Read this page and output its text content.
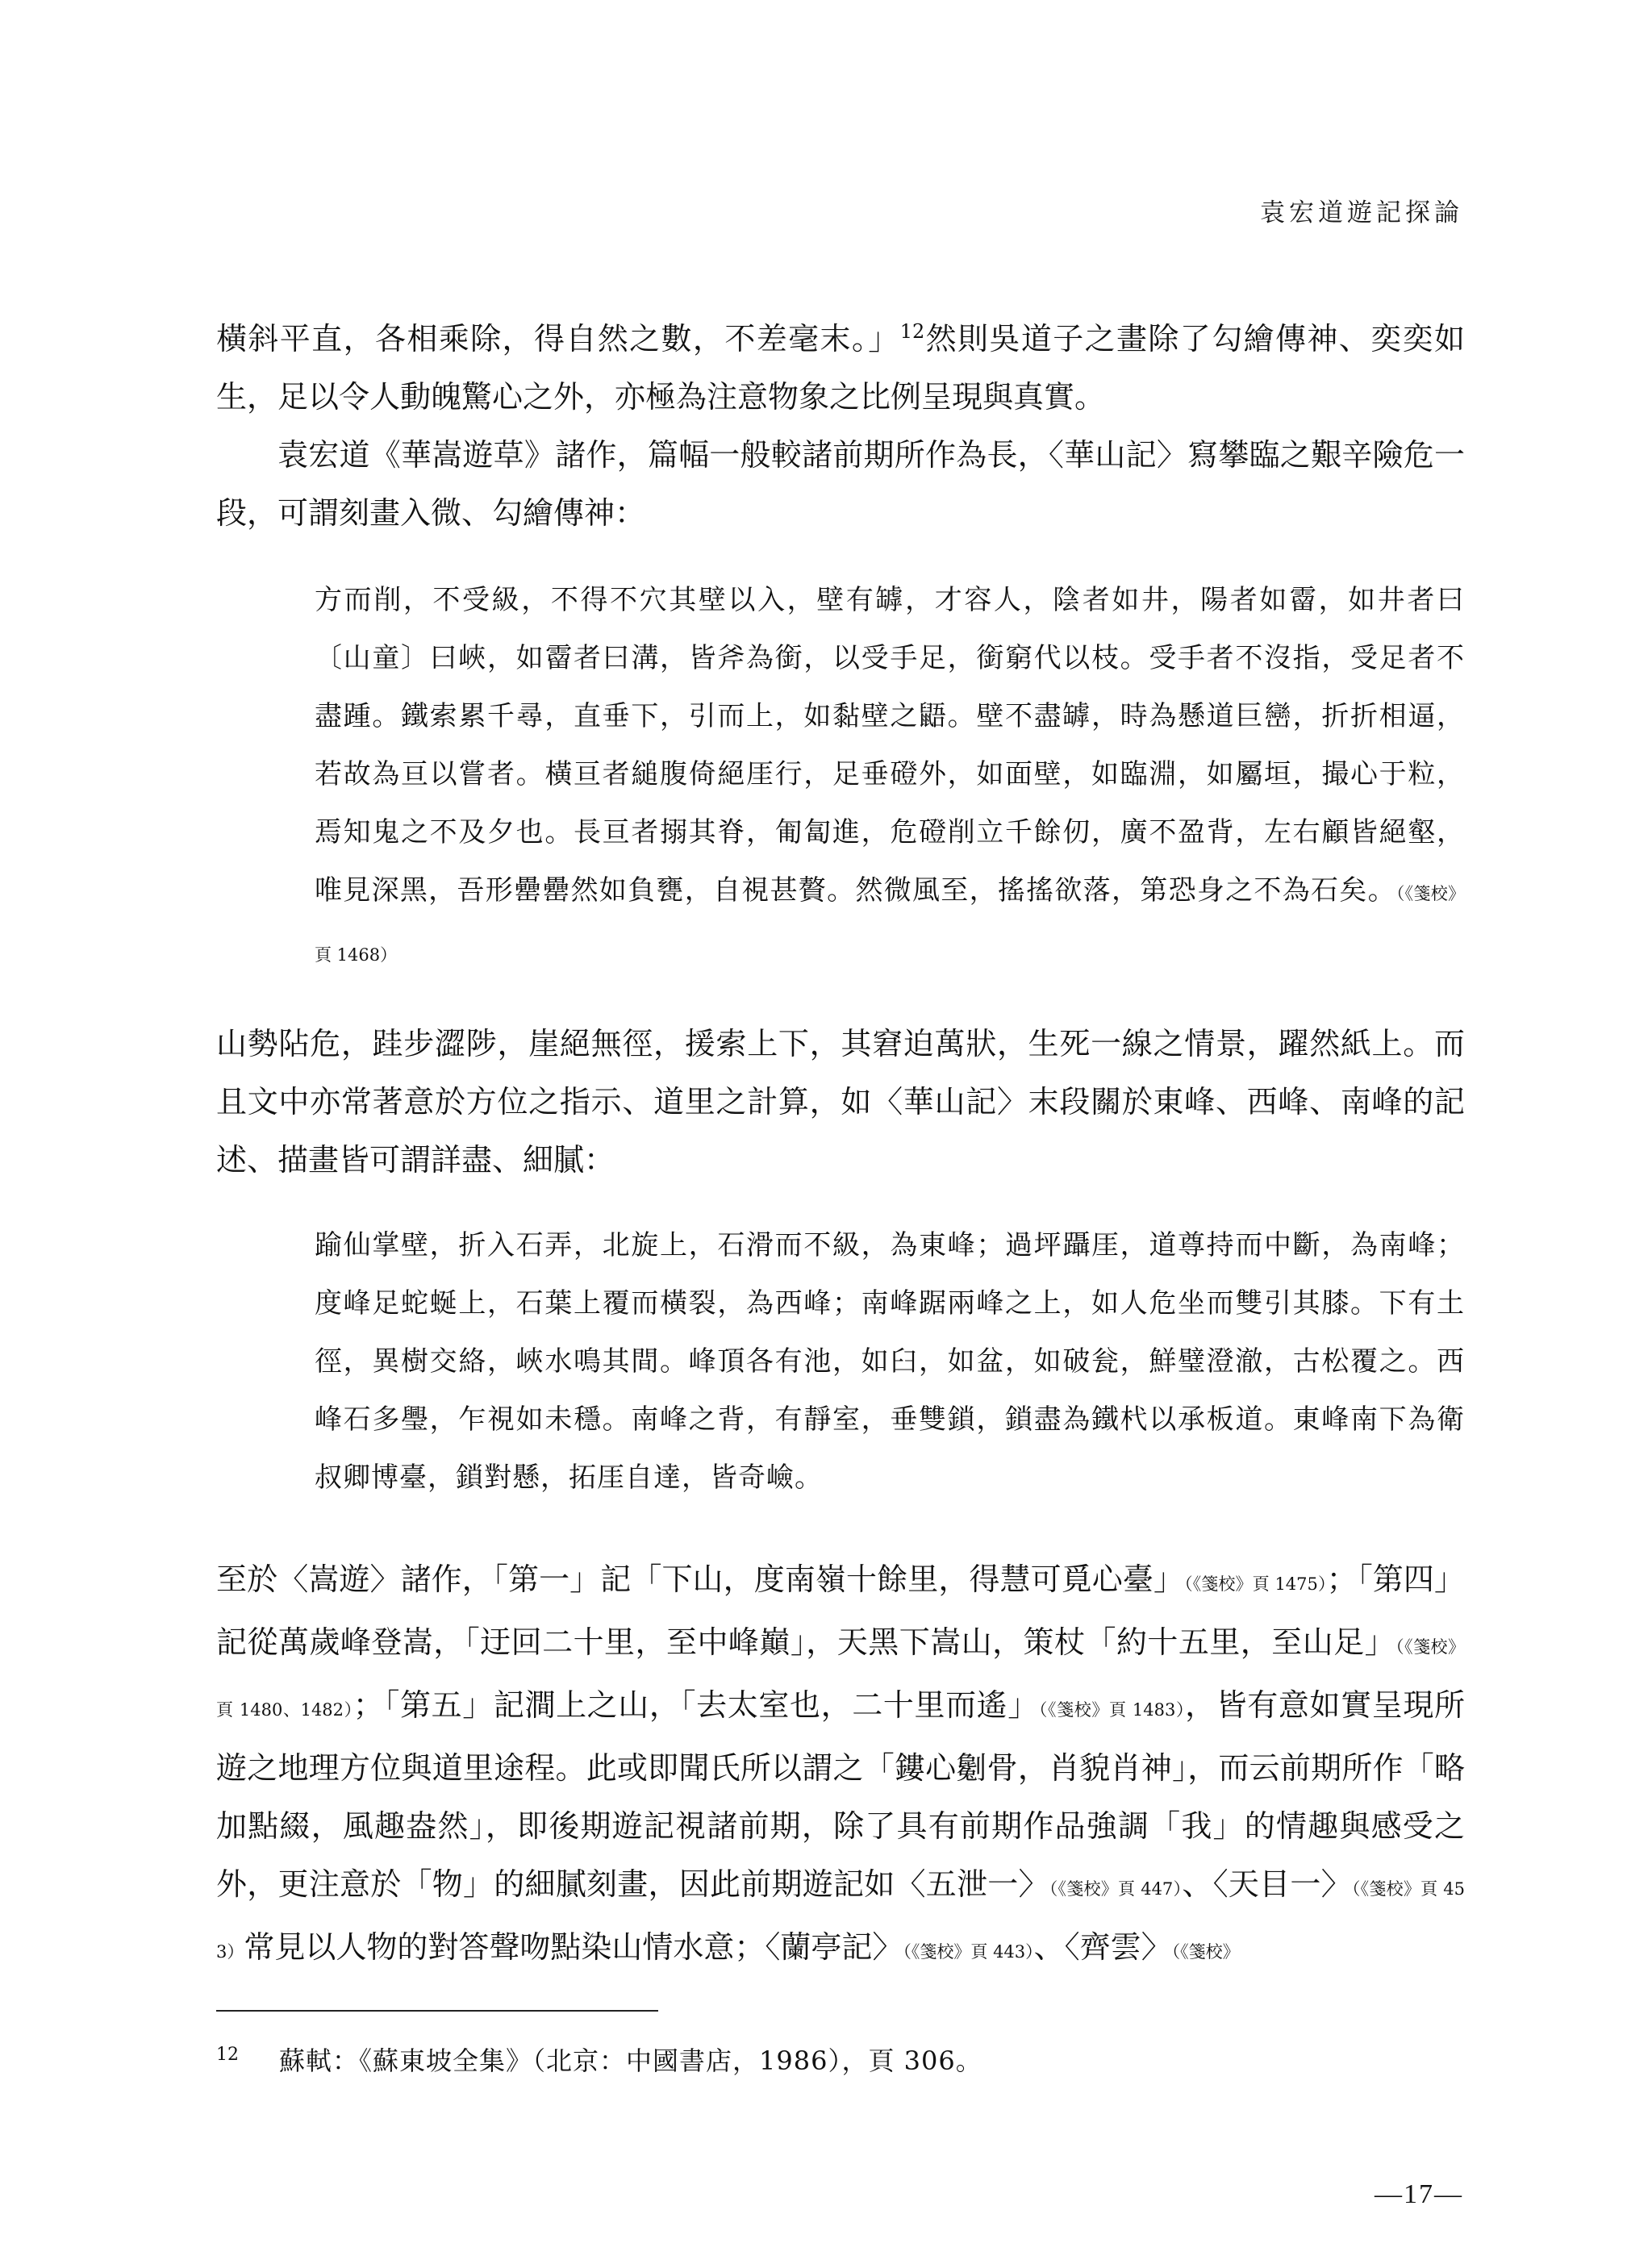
袁宏道遊記探論

橫斜平直，各相乘除，得自然之數，不差毫末。」$^{12}$然則吳道子之畫除了勾繪傳神、奕奕如生，足以令人動魄驚心之外，亦極為注意物象之比例呈現與真實。

袁宏道《華嵩遊草》諸作，篇幅一般較諸前期所作為長，〈華山記〉寫攀臨之艱辛險危一段，可謂刻畫入微、勾繪傳神：

方而削，不受級，不得不穴其壁以入，壁有罅，才容人，陰者如井，陽者如霤，如井者曰〔山童〕曰峽，如霤者曰溝，皆斧為銜，以受手足，銜窮代以枝。受手者不沒指，受足者不盡踵。鐵索累千尋，直垂下，引而上，如黏壁之鼯。壁不盡罅，時為懸道巨巒，折折相逼，若故為亘以嘗者。橫亘者縋腹倚絕厓行，足垂磴外，如面壁，如臨淵，如屬垣，撮心于粒，焉知鬼之不及夕也。長亘者搦其脊，匍匐進，危磴削立千餘仞，廣不盈背，左右顧皆絕壑，唯見深黑，吾形罍罍然如負甕，自視甚贅。然微風至，搖搖欲落，第恐身之不為石矣。（《箋校》頁 1468）

山勢阽危，跬步澀陟，崖絕無徑，援索上下，其窘迫萬狀，生死一線之情景，躍然紙上。而且文中亦常著意於方位之指示、道里之計算，如〈華山記〉末段關於東峰、西峰、南峰的記述、描畫皆可謂詳盡、細膩：

踰仙掌壁，折入石弄，北旋上，石滑而不級，為東峰；過坪躡厓，道尊持而中斷，為南峰；度峰足蛇蜒上，石葉上覆而橫裂，為西峰；南峰踞兩峰之上，如人危坐而雙引其膝。下有土徑，異樹交絡，峽水鳴其間。峰頂各有池，如臼，如盆，如破瓮，鮮璧澄澈，古松覆之。西峰石多璺，乍視如未穩。南峰之背，有靜室，垂雙鎖，鎖盡為鐵杙以承板道。東峰南下為衛叔卿博臺，鎖對懸，拓厓自達，皆奇嶮。

至於〈嵩遊〉諸作，「第一」記「下山，度南嶺十餘里，得慧可覓心臺」（《箋校》頁 1475）；「第四」記從萬歲峰登嵩，「迂回二十里，至中峰巔」，天黑下嵩山，策杖「約十五里，至山足」（《箋校》頁 1480、1482）；「第五」記澗上之山，「去太室也，二十里而遙」（《箋校》頁 1483），皆有意如實呈現所遊之地理方位與道里途程。此或即聞氏所以謂之「鏤心劖骨，肖貌肖神」，而云前期所作「略加點綴，風趣盎然」，即後期遊記視諸前期，除了具有前期作品強調「我」的情趣與感受之外，更注意於「物」的細膩刻畫，因此前期遊記如〈五泄一〉（《箋校》頁 447）、〈天目一〉（《箋校》頁 453）常見以人物的對答聲吻點染山情水意；〈蘭亭記〉（《箋校》頁 443）、〈齊雲〉（《箋校》

$^{12}$ 蘇軾：《蘇東坡全集》（北京：中國書店，1986），頁 306。
—17—
